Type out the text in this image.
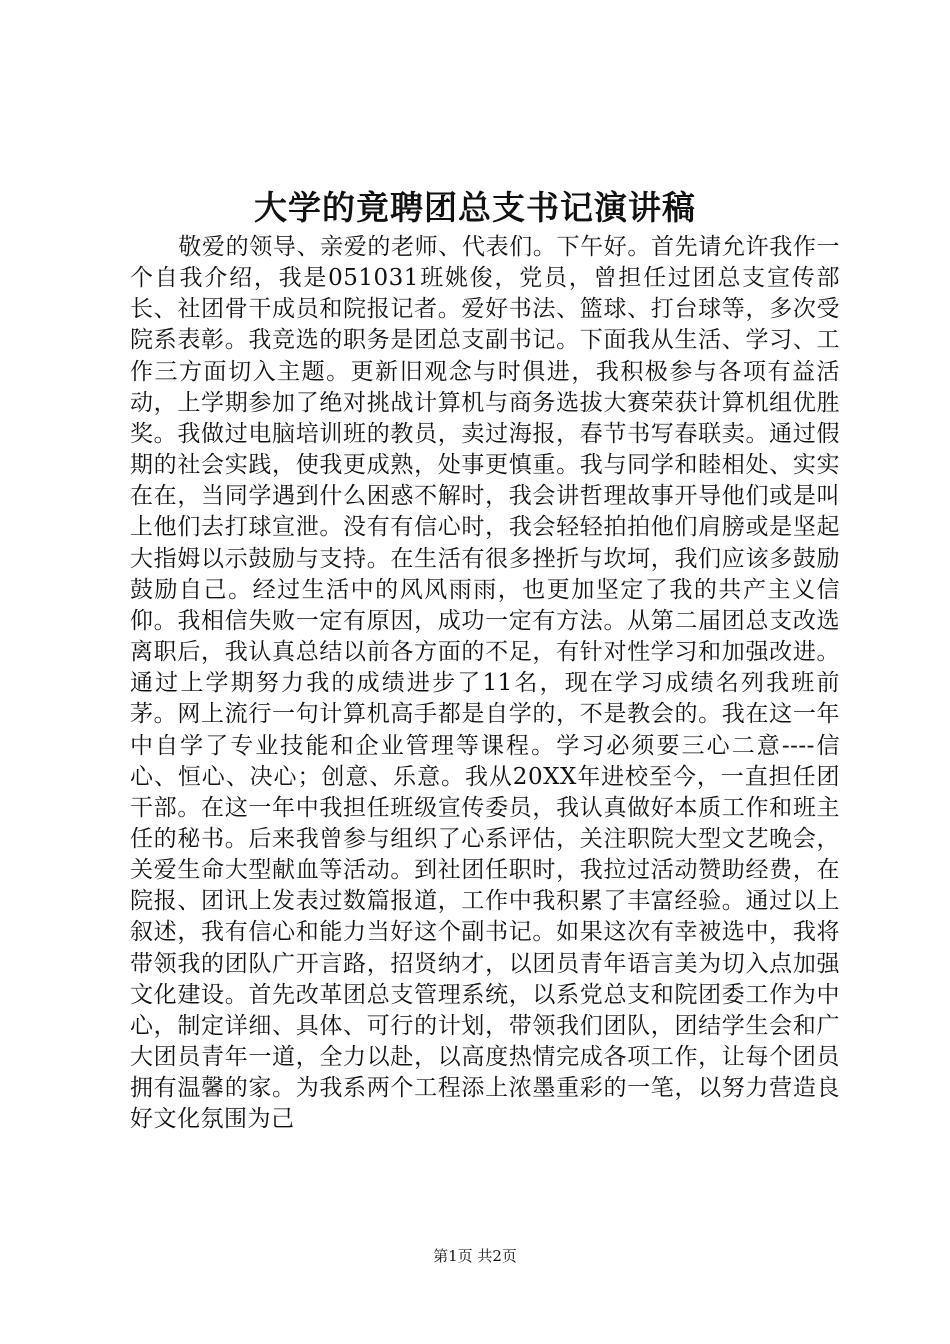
大学的竟聘团总支书记演讲稿

敬爱的领导、亲爱的老师、代表们。下午好。首先请允许我作一个自我介绍，我是051031班姚俊，党员，曾担任过团总支宣传部长、社团骨干成员和院报记者。爱好书法、篮球、打台球等，多次受院系表彰。我竞选的职务是团总支副书记。下面我从生活、学习、工作三方面切入主题。更新旧观念与时俱进，我积极参与各项有益活动，上学期参加了绝对挑战计算机与商务选拔大赛荣获计算机组优胜奖。我做过电脑培训班的教员，卖过海报，春节书写春联卖。通过假期的社会实践，使我更成熟，处事更慎重。我与同学和睦相处、实实在在，当同学遇到什么困惑不解时，我会讲哲理故事开导他们或是叫上他们去打球宣泄。没有有信心时，我会轻轻拍拍他们肩膀或是坚起大指姆以示鼓励与支持。在生活有很多挫折与坎坷，我们应该多鼓励鼓励自己。经过生活中的风风雨雨，也更加坚定了我的共产主义信仰。我相信失败一定有原因，成功一定有方法。从第二届团总支改选离职后，我认真总结以前各方面的不足，有针对性学习和加强改进。通过上学期努力我的成绩进步了11名，现在学习成绩名列我班前茅。网上流行一句计算机高手都是自学的，不是教会的。我在这一年中自学了专业技能和企业管理等课程。学习必须要三心二意----信心、恒心、决心；创意、乐意。我从20XX年进校至今，一直担任团干部。在这一年中我担任班级宣传委员，我认真做好本质工作和班主任的秘书。后来我曾参与组织了心系评估，关注职院大型文艺晚会，关爱生命大型献血等活动。到社团任职时，我拉过活动赞助经费，在院报、团讯上发表过数篇报道，工作中我积累了丰富经验。通过以上叙述，我有信心和能力当好这个副书记。如果这次有幸被选中，我将带领我的团队广开言路，招贤纳才，以团员青年语言美为切入点加强文化建设。首先改革团总支管理系统，以系党总支和院团委工作为中心，制定详细、具体、可行的计划，带领我们团队，团结学生会和广大团员青年一道，全力以赴，以高度热情完成各项工作，让每个团员拥有温馨的家。为我系两个工程添上浓墨重彩的一笔，以努力营造良好文化氛围为己

第1页 共2页
